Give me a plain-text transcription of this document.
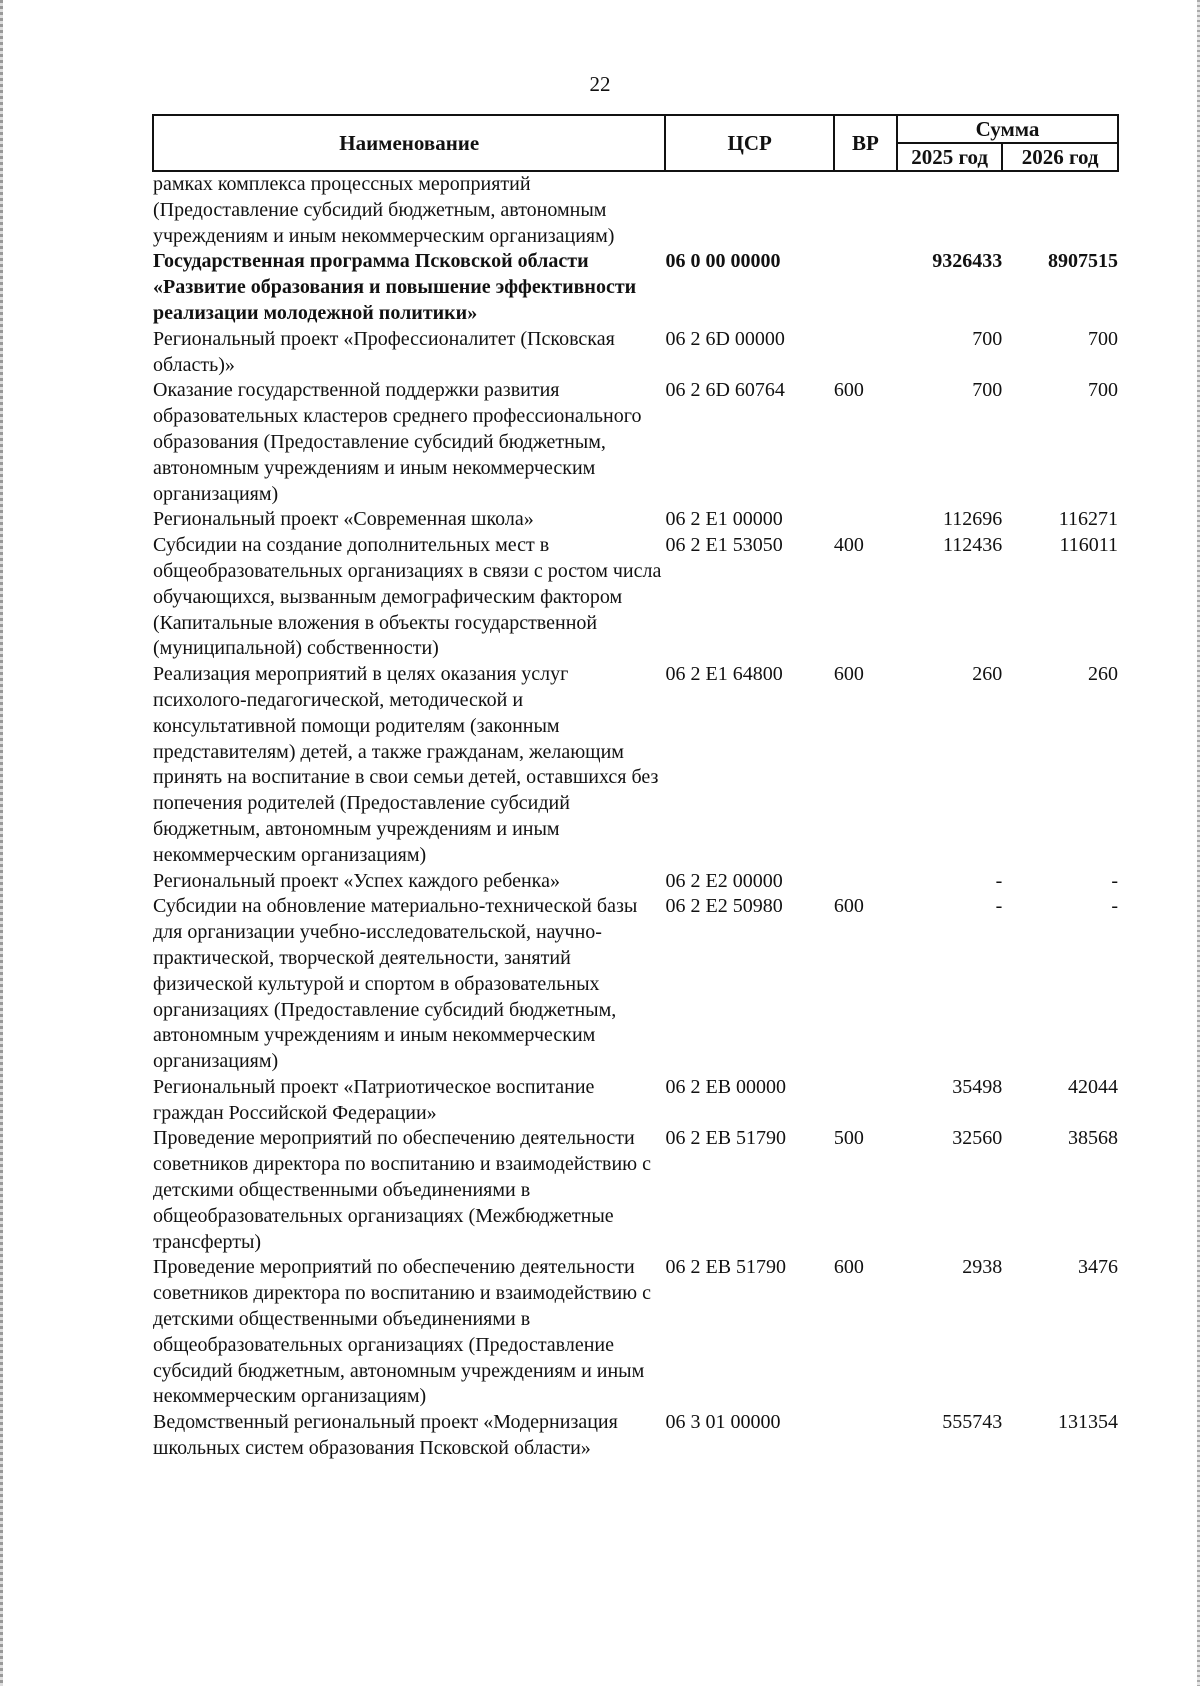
22
Наименование	ЦСР	ВР	Сумма	
			2025 год	2026 год
рамках комплекса процессных мероприятий (Предоставление субсидий бюджетным, автономным учреждениям и иным некоммерческим организациям)				
Государственная программа Псковской области «Развитие образования и повышение эффективности реализации молодежной политики»	06 0 00 00000		9326433	8907515
Региональный проект «Профессионалитет (Псковская область)»	06 2 6D 00000		700	700
Оказание государственной поддержки развития образовательных кластеров среднего профессионального образования (Предоставление субсидий бюджетным, автономным учреждениям и иным некоммерческим организациям)	06 2 6D 60764	600	700	700
Региональный проект «Современная школа»	06 2 E1 00000		112696	116271
Субсидии на создание дополнительных мест в общеобразовательных организациях в связи с ростом числа обучающихся, вызванным демографическим фактором (Капитальные вложения в объекты государственной (муниципальной) собственности)	06 2 E1 53050	400	112436	116011
Реализация мероприятий в целях оказания услуг психолого-педагогической, методической и консультативной помощи родителям (законным представителям) детей, а также гражданам, желающим принять на воспитание в свои семьи детей, оставшихся без попечения родителей (Предоставление субсидий бюджетным, автономным учреждениям и иным некоммерческим организациям)	06 2 E1 64800	600	260	260
Региональный проект «Успех каждого ребенка»	06 2 E2 00000		-	-
Субсидии на обновление материально-технической базы для организации учебно-исследовательской, научно-практической, творческой деятельности, занятий физической культурой и спортом в образовательных организациях (Предоставление субсидий бюджетным, автономным учреждениям и иным некоммерческим организациям)	06 2 E2 50980	600	-	-
Региональный проект «Патриотическое воспитание граждан Российской Федерации»	06 2 EB 00000		35498	42044
Проведение мероприятий по обеспечению деятельности советников директора по воспитанию и взаимодействию с детскими общественными объединениями в общеобразовательных организациях (Межбюджетные трансферты)	06 2 EB 51790	500	32560	38568
Проведение мероприятий по обеспечению деятельности советников директора по воспитанию и взаимодействию с детскими общественными объединениями в общеобразовательных организациях (Предоставление субсидий бюджетным, автономным учреждениям и иным некоммерческим организациям)	06 2 EB 51790	600	2938	3476
Ведомственный региональный проект «Модернизация школьных систем образования Псковской области»	06 3 01 00000		555743	131354
